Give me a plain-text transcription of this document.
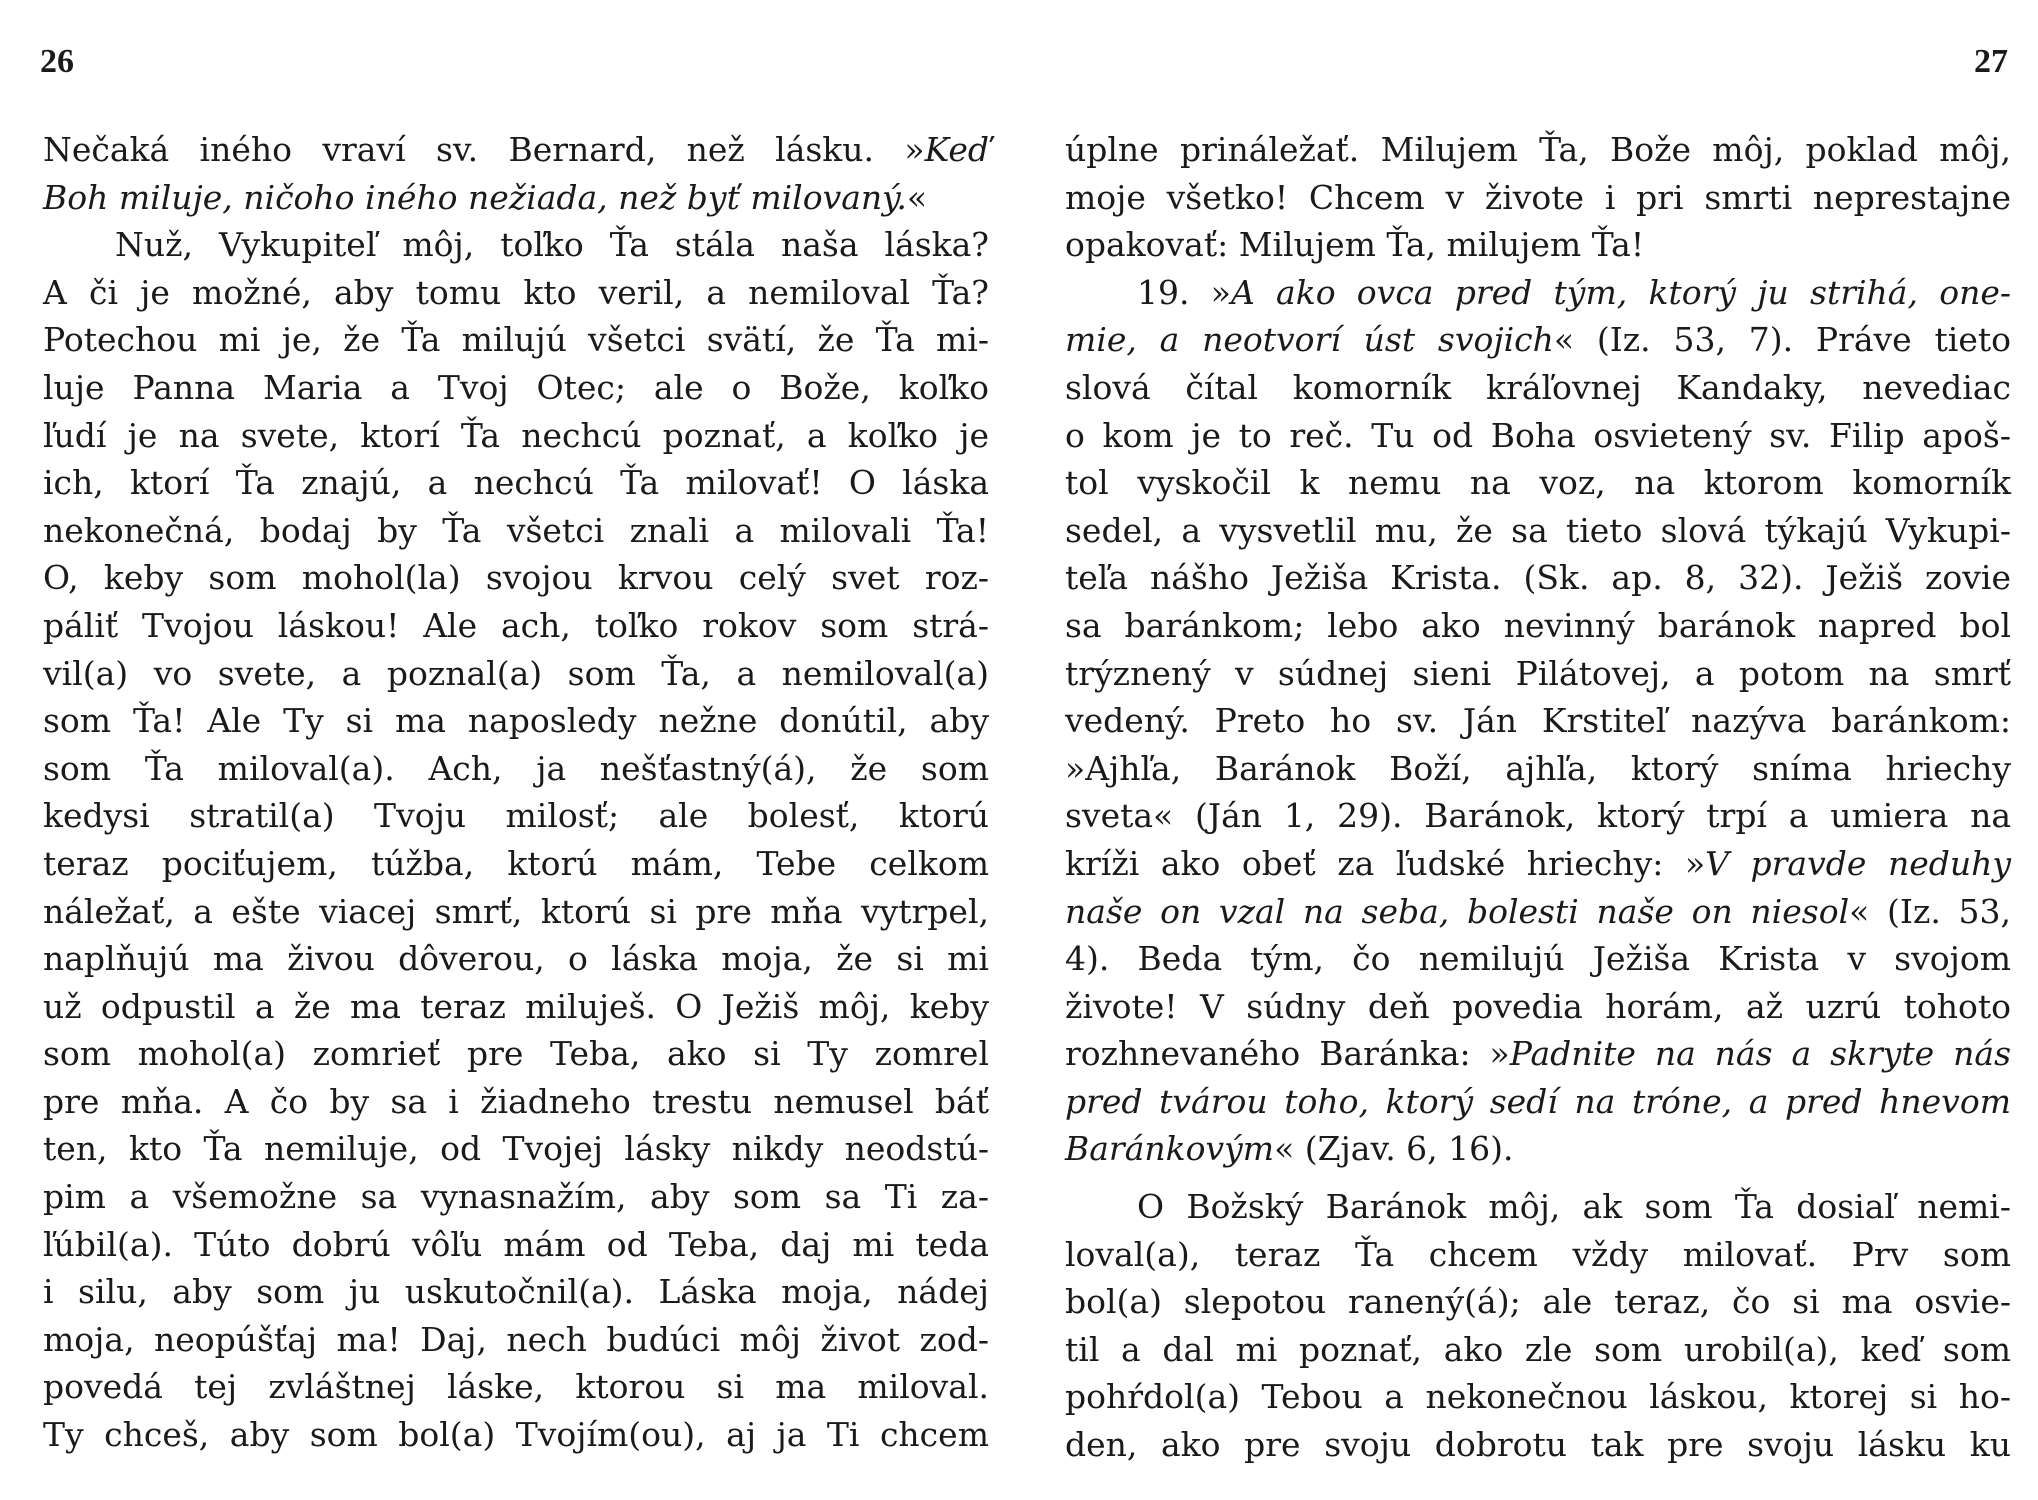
26
Nečaká iného vraví sv. Bernard, než lásku. »Keď
Boh miluje, ničoho iného nežiada, než byť milovaný.«
Nuž, Vykupiteľ môj, toľko Ťa stála naša láska?
A či je možné, aby tomu kto veril, a nemiloval Ťa?
Potechou mi je, že Ťa milujú všetci svätí, že Ťa mi-
luje Panna Maria a Tvoj Otec; ale o Bože, koľko
ľudí je na svete, ktorí Ťa nechcú poznať, a koľko je
ich, ktorí Ťa znajú, a nechcú Ťa milovať! O láska
nekonečná, bodaj by Ťa všetci znali a milovali Ťa!
O, keby som mohol(la) svojou krvou celý svet roz-
páliť Tvojou láskou! Ale ach, toľko rokov som strá-
vil(a) vo svete, a poznal(a) som Ťa, a nemiloval(a)
som Ťa! Ale Ty si ma naposledy nežne donútil, aby
som Ťa miloval(a). Ach, ja nešťastný(á), že som
kedysi stratil(a) Tvoju milosť; ale bolesť, ktorú
teraz pociťujem, túžba, ktorú mám, Tebe celkom
náležať, a ešte viacej smrť, ktorú si pre mňa vytrpel,
naplňujú ma živou dôverou, o láska moja, že si mi
už odpustil a že ma teraz miluješ. O Ježiš môj, keby
som mohol(a) zomrieť pre Teba, ako si Ty zomrel
pre mňa. A čo by sa i žiadneho trestu nemusel báť
ten, kto Ťa nemiluje, od Tvojej lásky nikdy neodstú-
pim a všemožne sa vynasnažím, aby som sa Ti za-
ľúbil(a). Túto dobrú vôľu mám od Teba, daj mi teda
i silu, aby som ju uskutočnil(a). Láska moja, nádej
moja, neopúšťaj ma! Daj, nech budúci môj život zod-
povedá tej zvláštnej láske, ktorou si ma miloval.
Ty chceš, aby som bol(a) Tvojím(ou), aj ja Ti chcem
27
úplne prináležať. Milujem Ťa, Bože môj, poklad môj,
moje všetko! Chcem v živote i pri smrti neprestajne
opakovať: Milujem Ťa, milujem Ťa!
19. »A ako ovca pred tým, ktorý ju strihá, one-
mie, a neotvorí úst svojich« (Iz. 53, 7). Práve tieto
slová čítal komorník kráľovnej Kandaky, nevediac
o kom je to reč. Tu od Boha osvietený sv. Filip apoš-
tol vyskočil k nemu na voz, na ktorom komorník
sedel, a vysvetlil mu, že sa tieto slová týkajú Vykupi-
teľa nášho Ježiša Krista. (Sk. ap. 8, 32). Ježiš zovie
sa baránkom; lebo ako nevinný baránok napred bol
trýznený v súdnej sieni Pilátovej, a potom na smrť
vedený. Preto ho sv. Ján Krstiteľ nazýva baránkom:
»Ajhľa, Baránok Boží, ajhľa, ktorý sníma hriechy
sveta« (Ján 1, 29). Baránok, ktorý trpí a umiera na
kríži ako obeť za ľudské hriechy: »V pravde neduhy
naše on vzal na seba, bolesti naše on niesol« (Iz. 53,
4). Beda tým, čo nemilujú Ježiša Krista v svojom
živote! V súdny deň povedia horám, až uzrú tohoto
rozhnevaného Baránka: »Padnite na nás a skryte nás
pred tvárou toho, ktorý sedí na tróne, a pred hnevom
Baránkovým« (Zjav. 6, 16).
O Božský Baránok môj, ak som Ťa dosiaľ nemi-
loval(a), teraz Ťa chcem vždy milovať. Prv som
bol(a) slepotou ranený(á); ale teraz, čo si ma osvie-
til a dal mi poznať, ako zle som urobil(a), keď som
pohŕdol(a) Tebou a nekonečnou láskou, ktorej si ho-
den, ako pre svoju dobrotu tak pre svoju lásku ku
